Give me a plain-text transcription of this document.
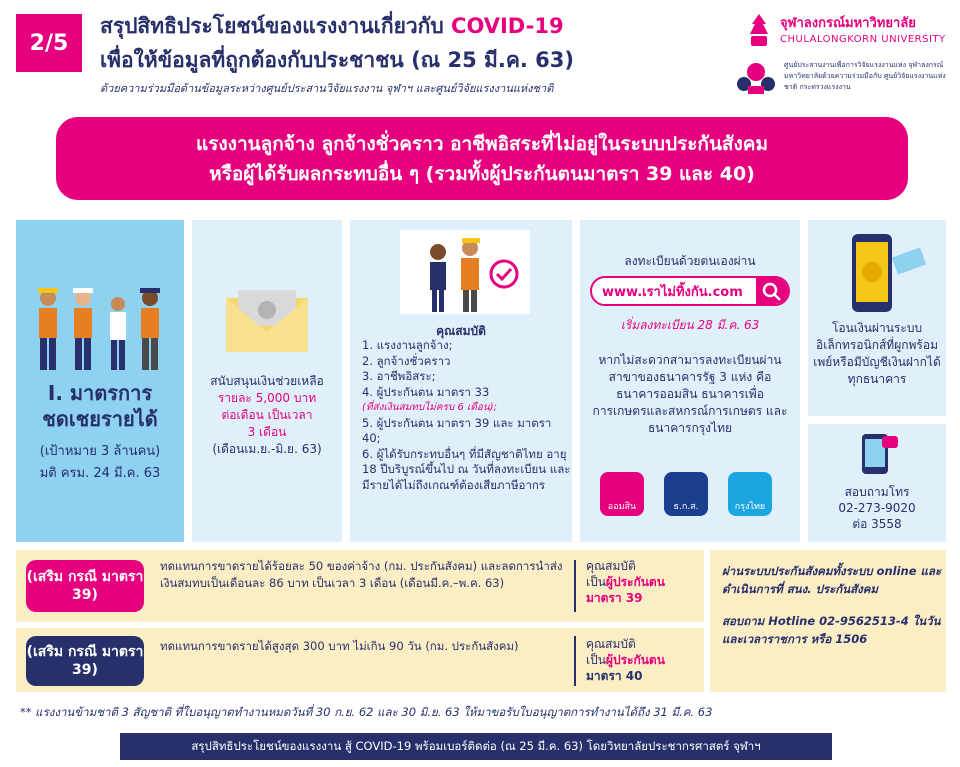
2/5
สรุปสิทธิประโยชน์ของแรงงานเกี่ยวกับ COVID-19
เพื่อให้ข้อมูลที่ถูกต้องกับประชาชน (ณ 25 มี.ค. 63)
ด้วยความร่วมมือด้านข้อมูลระหว่างศูนย์ประสานวิจัยแรงงาน จุฬาฯ และศูนย์วิจัยแรงงานแห่งชาติ
จุฬาลงกรณ์มหาวิทยาลัย
CHULALONGKORN UNIVERSITY
ศูนย์ประสานงานเพื่อการวิจัยแรงงานแห่ง จุฬาลงกรณ์มหาวิทยาลัยด้วยความร่วมมือกับ ศูนย์วิจัยแรงงานแห่งชาติ กระทรวงแรงงาน
แรงงานลูกจ้าง ลูกจ้างชั่วคราว อาชีพอิสระที่ไม่อยู่ในระบบประกันสังคม
หรือผู้ได้รับผลกระทบอื่น ๆ (รวมทั้งผู้ประกันตนมาตรา 39 และ 40)
I. มาตรการ
ชดเชยรายได้
(เป้าหมาย 3 ล้านคน)
มติ ครม. 24 มี.ค. 63
สนับสนุนเงินช่วยเหลือ
รายละ 5,000 บาท
ต่อเดือน เป็นเวลา
3 เดือน
(เดือนเม.ย.-มิ.ย. 63)
คุณสมบัติ
1. แรงงานลูกจ้าง;
2. ลูกจ้างชั่วคราว
3. อาชีพอิสระ;
4. ผู้ประกันตน มาตรา 33
(ที่ส่งเงินสมทบไม่ครบ 6 เดือน);
5. ผู้ประกันตน มาตรา 39 และ มาตรา 40;
6. ผู้ได้รับกระทบอื่นๆ ที่มีสัญชาติไทย อายุ 18 ปีบริบูรณ์ขึ้นไป ณ วันที่ลงทะเบียน และมีรายได้ไม่ถึงเกณฑ์ต้องเสียภาษีอากร
ลงทะเบียนด้วยตนเองผ่าน
www.เราไม่ทิ้งกัน.com
เริ่มลงทะเบียน 28 มี.ค. 63
หากไม่สะดวกสามารลงทะเบียนผ่านสาขาของธนาคารรัฐ 3 แห่ง คือ ธนาคารออมสิน ธนาคารเพื่อการเกษตรและสหกรณ์การเกษตร และธนาคารกรุงไทย
ออมสิน	ธ.ก.ส.	กรุงไทย
โอนเงินผ่านระบบอิเล็กทรอนิกส์ที่ผูกพร้อมเพย์หรือมีบัญชีเงินฝากได้ทุกธนาคาร
สอบถามโทร
02-273-9020
ต่อ 3558
(เสริม กรณี มาตรา 39)
(เสริม กรณี มาตรา 39)
ทดแทนการขาดรายได้ร้อยละ 50 ของค่าจ้าง (กม. ประกันสังคม) และลดการนำส่งเงินสมทบเป็นเดือนละ 86 บาท เป็นเวลา 3 เดือน (เดือนมี.ค.–พ.ค. 63)
ทดแทนการขาดรายได้สูงสุด 300 บาท ไม่เกิน 90 วัน (กม. ประกันสังคม)
คุณสมบัติ
เป็นผู้ประกันตน มาตรา 39
คุณสมบัติ
เป็นผู้ประกันตน
มาตรา 40
ผ่านระบบประกันสังคมทั้งระบบ online และดำเนินการที่ สนง. ประกันสังคม
สอบถาม Hotline 02-9562513-4 ในวันและเวลาราชการ หรือ 1506
** แรงงานข้ามชาติ 3 สัญชาติ ที่ใบอนุญาตทำงานหมดวันที่ 30 ก.ย. 62 และ 30 มิ.ย. 63 ให้มาขอรับใบอนุญาตการทำงานได้ถึง 31 มี.ค. 63
สรุปสิทธิประโยชน์ของแรงงาน สู้ COVID-19 พร้อมเบอร์ติดต่อ (ณ 25 มี.ค. 63) โดยวิทยาลัยประชากรศาสตร์ จุฬาฯ
